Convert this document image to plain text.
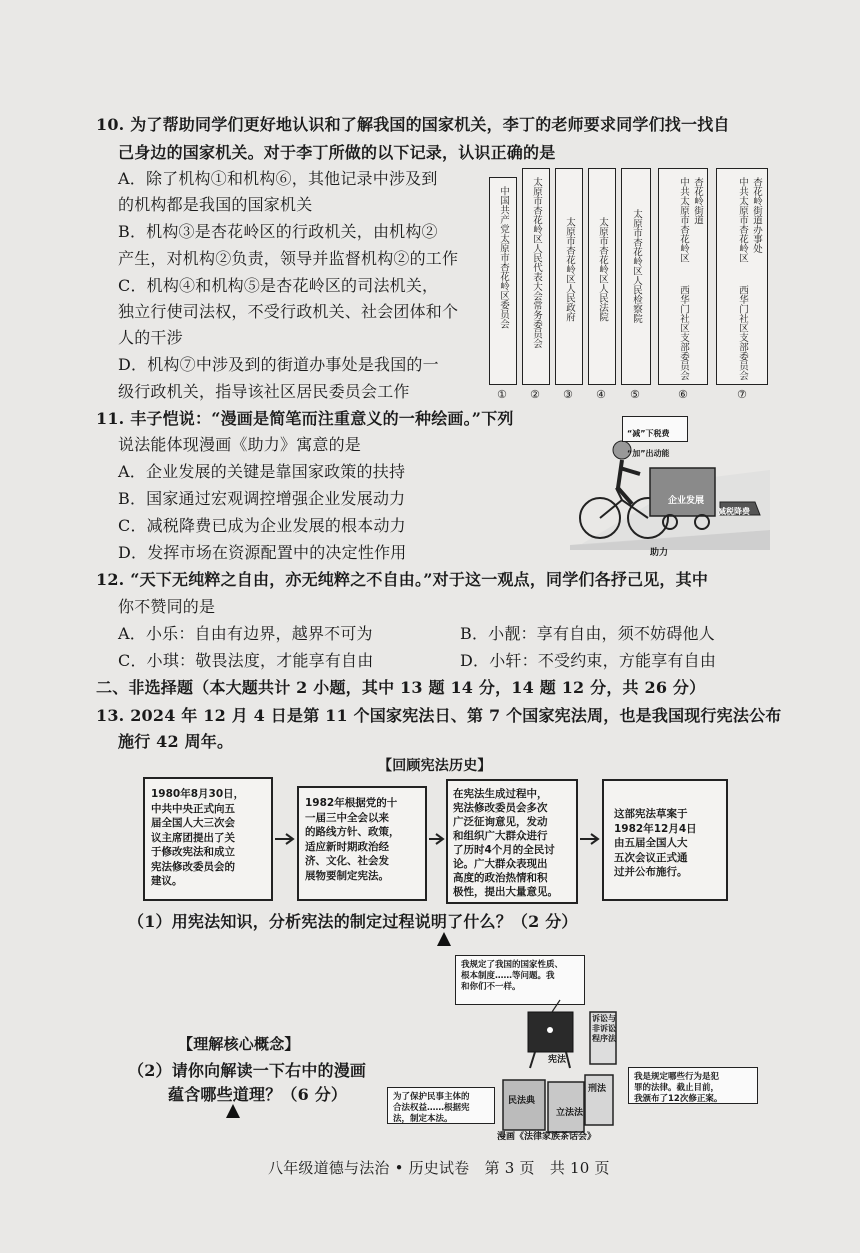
10. 为了帮助同学们更好地认识和了解我国的国家机关，李丁的老师要求同学们找一找自
己身边的国家机关。对于李丁所做的以下记录，认识正确的是
A．除了机构①和机构⑥，其他记录中涉及到
的机构都是我国的国家机关
B．机构③是杏花岭区的行政机关，由机构②
产生，对机构②负责，领导并监督机构②的工作
C．机构④和机构⑤是杏花岭区的司法机关，
独立行使司法权，不受行政机关、社会团体和个
人的干涉
D．机构⑦中涉及到的街道办事处是我国的一
级行政机关，指导该社区居民委员会工作
中国共产党太原市杏花岭区委员会 太原市杏花岭区人民代表大会常务委员会 太原市杏花岭区人民政府 太原市杏花岭区人民法院 太原市杏花岭区人民检察院	中共太原市杏花岭区 杏花岭街道
西华门社区支部委员会
中共太原市杏花岭区 杏花岭街道办事处
西华门社区支部委员会
① ② ③ ④ ⑤	⑥	⑦
11. 丰子恺说：“漫画是简笔而注重意义的一种绘画。”下列
说法能体现漫画《助力》寓意的是
A．企业发展的关键是靠国家政策的扶持
B．国家通过宏观调控增强企业发展动力
C．减税降费已成为企业发展的根本动力
D．发挥市场在资源配置中的决定性作用

“减”下税费

“加”出动能

企业发展
减税降费
助力
12. “天下无纯粹之自由，亦无纯粹之不自由。”对于这一观点，同学们各抒己见，其中
你不赞同的是
A．小乐：自由有边界，越界不可为	B．小靓：享有自由，须不妨碍他人
C．小琪：敬畏法度，才能享有自由	D．小轩：不受约束，方能享有自由
二、非选择题（本大题共计 2 小题，其中 13 题 14 分，14 题 12 分，共 26 分）
13. 2024 年 12 月 4 日是第 11 个国家宪法日、第 7 个国家宪法周，也是我国现行宪法公布
施行 42 周年。
【回顾宪法历史】
1980年8月30日，
中共中央正式向五
届全国人大三次会
议主席团提出了关
于修改宪法和成立
宪法修改委员会的
建议。
1982年根据党的十
一届三中全会以来
的路线方针、政策，
适应新时期政治经
济、文化、社会发
展物要制定宪法。
在宪法生成过程中，
宪法修改委员会多次
广泛征询意见，发动
和组织广大群众进行
了历时4个月的全民讨
论。广大群众表现出
高度的政治热情和积
极性，提出大量意见。
这部宪法草案于
1982年12月4日
由五届全国人大
五次会议正式通
过并公布施行。
（1）用宪法知识，分析宪法的制定过程说明了什么？（2 分）
【理解核心概念】
（2）请你向解读一下右中的漫画
蕴含哪些道理？（6 分）
我规定了我国的国家性质、
根本制度……等问题。我
和你们不一样。
宪法
诉讼与
非诉讼
程序法
民法典
刑法
立法法
我是规定哪些行为是犯
罪的法律。截止目前，
我颁布了12次修正案。
为了保护民事主体的
合法权益……根据宪
法，制定本法。
漫画《法律家族茶话会》
八年级道德与法治 • 历史试卷　第 3 页　共 10 页
